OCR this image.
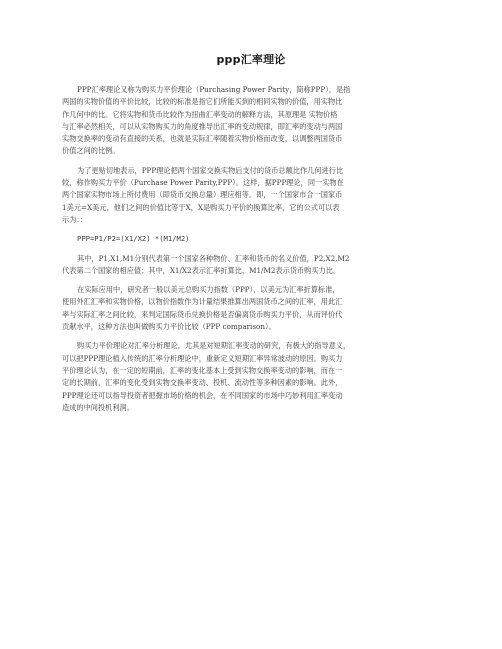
ppp汇率理论
PPP汇率理论又称为购买力平价理论（Purchasing Power Parity，简称PPP），是指
两国的实物价值的平价比较，比较的标准是指它们所能买到的相同实物的价值，用实物比
作几何中的比。它将实物和货币比较作为扭曲汇率变动的解释方法，其原理是 实物价格
与汇率必然相关，可以从实物购买力的角度推导出汇率的变动规律，即汇率的变动与两国
实物交换率的变动有直接的关系，也就是实际汇率随着实物价格而改变，以调整两国货币
价值之间的比例。
为了更贴切地表示，PPP理论把两个国家交换实物后支付的货币总额比作几何进行比
较，称作购买力平价（Purchase Power Parity,PPP）。这样，据PPP理论，同一实物在
两个国家实物市场上所付费用（即货币交换总量）理应相等。即，一个国家市合一国家币
1美元=X美元，他们之间的价值比等于X，X是购买力平价的换算比率，它的公式可以表
示为：：
PPP=P1/P2=(X1/X2) *(M1/M2)
其中，P1,X1,M1分别代表第一个国家各种物价、汇率和货币的名义价值，P2,X2,M2
代表第二个国家的相应值；其中，X1/X2表示汇率折算比，M1/M2表示货币购买力比。
在实际应用中，研究者一般以美元总购买力指数（PPP），以美元为汇率折算标准，
使用外汇汇率和实物价格，以物价指数作为计量结果推算出两国货币之间的汇率，用此汇
率与实际汇率之间比较，来判定国际货币兑换价格是否偏离货币购买力平价，从而评价代
贡献水平，这种方法也叫做购买力平价比较（PPP comparison）。
购买力平价理论对汇率分析理论，尤其是对短期汇率变动的研究，有极大的指导意义，
可以把PPP理论植入传统的汇率分析理论中，重新定义短期汇率异常波动的原因。购买力
平价理论认为，在一定的短期前，汇率的变化基本上受到实物交换率变动的影响，而在一
定的长期前，汇率的变化受到实物交换率变动、投机、流动性等多种因素的影响。此外，
PPP理论还可以指导投资者把握市场价格的机会，在不同国家的市场中巧妙利用汇率变动
造成的中间投机利润。
